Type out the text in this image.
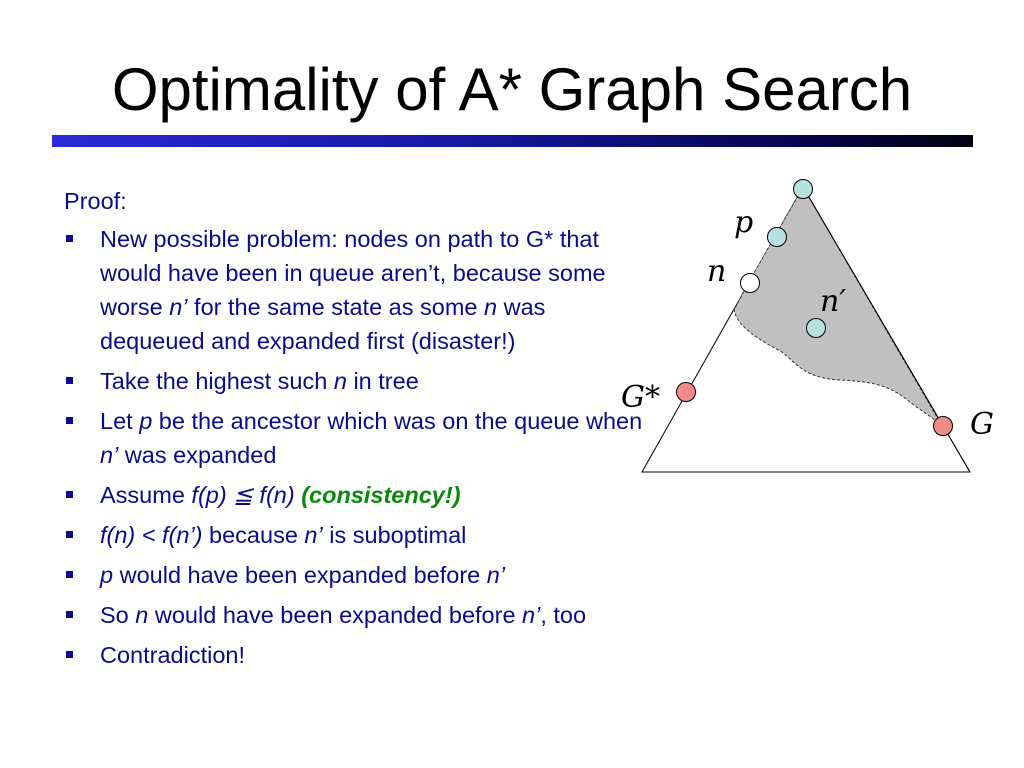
Optimality of A* Graph Search
Proof:
New possible problem: nodes on path to G* that would have been in queue aren’t, because some worse n’ for the same state as some n was dequeued and expanded first (disaster!)
Take the highest such n in tree
Let p be the ancestor which was on the queue when n’ was expanded
Assume f(p) ≦ f(n) (consistency!)
f(n) < f(n’) because n’ is suboptimal
p would have been expanded before n’
So n would have been expanded before n’, too
Contradiction!
p
n
n′
G*
G
